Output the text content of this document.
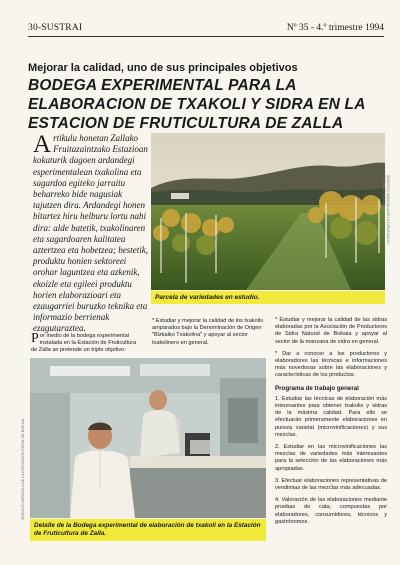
30-SUSTRAI	Nº 35 - 4.º trimestre 1994
Mejorar la calidad, uno de sus principales objetivos
BODEGA EXPERIMENTAL PARA LA ELABORACION DE TXAKOLI Y SIDRA EN LA ESTACION DE FRUTICULTURA DE ZALLA
Artikulu honetan Zallako Fruitazaintzako Estazioan kokaturik dagoen ardandegi esperimentalean txakolina eta sagardoa egiteko jarraitu beharreko bide nagusiak tajutzen dira. Ardandegi honen bitartez hiru helburu lortu nahi dira: alde batetik, txakolinaren eta sagardoaren kalitatea aztertzea eta hobetzea; bestetik, produktu honien sektoreei orohar laguntzea eta azkenik, ekoizle eta egileei produktu horien elaborazioari eta ezaugarriei buruzko teknika eta informazio berrienak ezagutaraztea.
Parcela de variedades en estudio.
SERVICIO AGRICOLA DE LA DIPUTACION FORAL DE BIZKAIA
Por medio de la bodega experimental instalada en la Estación de Fruticultura de Zalla se pretende un triple objetivo:

* Estudiar y mejorar la calidad de los txakolis amparados bajo la Denominación de Origen "Bizkaiko Txakolina" y apoyar al sector txakolinero en general.

Detalle de la Bodega experimental de elaboración de txakoli en la Estación de Fruticultura de Zalla.
SERVICIO AGRICOLA DE LA DIPUTACION FORAL DE BIZKAIA

* Estudiar y mejorar la calidad de las sidras elaboradas por la Asociación de Productores de Sidra Natural de Bizkaia y apoyar al sector de la manzana de sidra en general.

* Dar a conocer a los productores y elaboradores las técnicas e informaciones más novedosas sobre las elaboraciones y características de los productos.

Programa de trabajo general

1. Estudiar las técnicas de elaboración más interesantes para obtener txakolis y sidras de la máxima calidad. Para ello se efectuarán primeramente elaboraciones en pureza varietal (microvinificaciones) y sus mezclas.

2. Estudiar en las microvinificaciones las mezclas de variedades más interesantes para la selección de las elaboraciones más apropiadas.

3. Efectuar elaboraciones representativas de vendimias de las mezclas más adecuadas.

4. Valoración de las elaboraciones mediante pruebas de cata, compuestas por elaboradores, consumidores, técnicos y gastrónomos.
